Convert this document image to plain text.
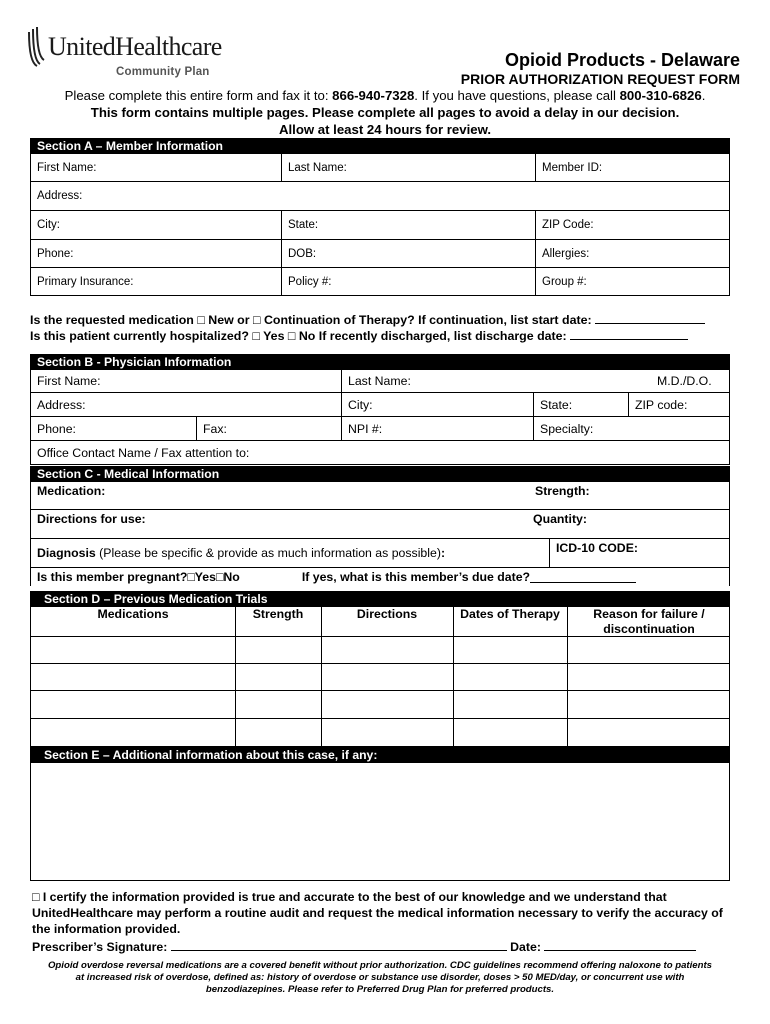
UnitedHealthcare
Community Plan
Opioid Products - Delaware
PRIOR AUTHORIZATION REQUEST FORM
Please complete this entire form and fax it to: 866-940-7328. If you have questions, please call 800-310-6826.
This form contains multiple pages. Please complete all pages to avoid a delay in our decision.
Allow at least 24 hours for review.
Section A – Member Information
First Name:	Last Name:	Member ID:
Address:
City:	State:	ZIP Code:
Phone:	DOB:	Allergies:
Primary Insurance:	Policy #:	Group #:
Is the requested medication □ New or □ Continuation of Therapy? If continuation, list start date:
Is this patient currently hospitalized? □ Yes □ No If recently discharged, list discharge date:
Section B - Physician Information
First Name:	Last Name:	M.D./D.O.
Address:	City:	State:	ZIP code:
Phone:	Fax:	NPI #:	Specialty:
Office Contact Name / Fax attention to:
Section C - Medical Information
Medication:	Strength:
Directions for use:	Quantity:
Diagnosis (Please be specific & provide as much information as possible):	ICD-10 CODE:
Is this member pregnant? □ Yes □ No	If yes, what is this member’s due date?
Section D – Previous Medication Trials
Medications	Strength	Directions	Dates of Therapy	Reason for failure / discontinuation
Section E – Additional information about this case, if any:
□ I certify the information provided is true and accurate to the best of our knowledge and we understand that UnitedHealthcare may perform a routine audit and request the medical information necessary to verify the accuracy of the information provided.
Prescriber’s Signature:	Date:
Opioid overdose reversal medications are a covered benefit without prior authorization. CDC guidelines recommend offering naloxone to patients
at increased risk of overdose, defined as: history of overdose or substance use disorder, doses > 50 MED/day, or concurrent use with
benzodiazepines. Please refer to Preferred Drug Plan for preferred products.
